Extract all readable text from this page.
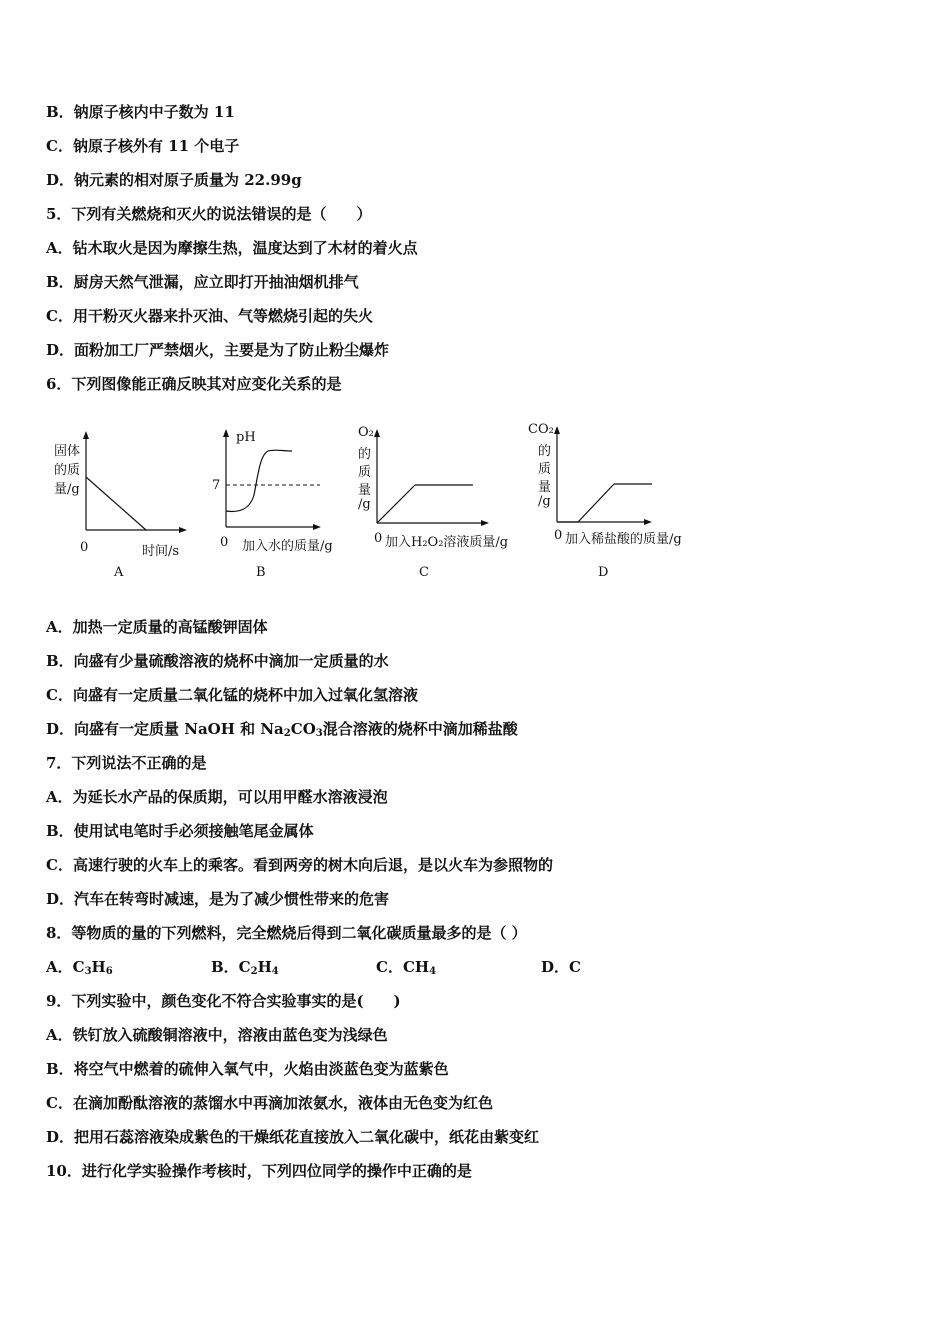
B．钠原子核内中子数为 11
C．钠原子核外有 11 个电子
D．钠元素的相对原子质量为 22.99g
5．下列有关燃烧和灭火的说法错误的是（　　）
A．钻木取火是因为摩擦生热，温度达到了木材的着火点
B．厨房天然气泄漏，应立即打开抽油烟机排气
C．用干粉灭火器来扑灭油、气等燃烧引起的失火
D．面粉加工厂严禁烟火，主要是为了防止粉尘爆炸
6．下列图像能正确反映其对应变化关系的是
固体
的质
量/g
0	时间/s
A
pH
7
0 加入水的质量/g
B
O₂
的
质
量
/g
0 加入H₂O₂溶液质量/g
C
CO₂
的
质
量
/g
0 加入稀盐酸的质量/g
D
A．加热一定质量的高锰酸钾固体
B．向盛有少量硫酸溶液的烧杯中滴加一定质量的水
C．向盛有一定质量二氧化锰的烧杯中加入过氧化氢溶液
D．向盛有一定质量 NaOH 和 $Na_2CO_3$混合溶液的烧杯中滴加稀盐酸
7．下列说法不正确的是
A．为延长水产品的保质期，可以用甲醛水溶液浸泡
B．使用试电笔时手必须接触笔尾金属体
C．高速行驶的火车上的乘客。看到两旁的树木向后退，是以火车为参照物的
D．汽车在转弯时减速，是为了减少惯性带来的危害
8．等物质的量的下列燃料，完全燃烧后得到二氧化碳质量最多的是（ ）
A．$C_3H_6$	B．$C_2H_4$	C．$CH_4$	D．C
9．下列实验中，颜色变化不符合实验事实的是(　　)
A．铁钉放入硫酸铜溶液中，溶液由蓝色变为浅绿色
B．将空气中燃着的硫伸入氧气中，火焰由淡蓝色变为蓝紫色
C．在滴加酚酞溶液的蒸馏水中再滴加浓氨水，液体由无色变为红色
D．把用石蕊溶液染成紫色的干燥纸花直接放入二氧化碳中，纸花由紫变红
10．进行化学实验操作考核时，下列四位同学的操作中正确的是
